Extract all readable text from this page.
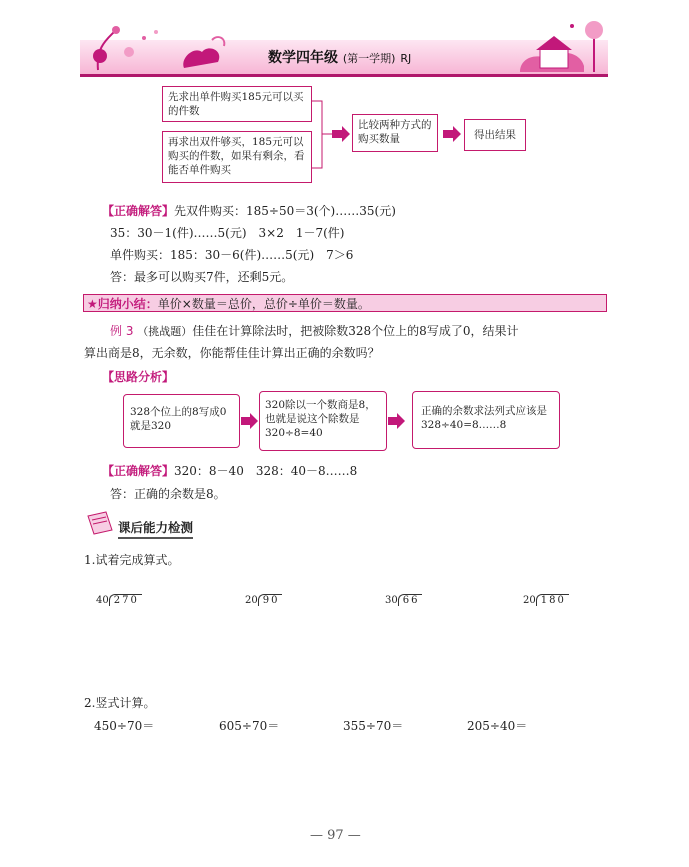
数学四年级 (第一学期) RJ
先求出单件购买185元可以买的件数
再求出双件够买，185元可以购买的件数，如果有剩余，看能否单件购买
比较两种方式的购买数量	得出结果
【正确解答】先双件购买：185÷50＝3(个)……35(元)
35：30－1(件)……5(元)　3×2　1－7(件)
单件购买：185：30－6(件)……5(元)　7＞6
答：最多可以购买7件，还剩5元。
★归纳小结：单价×数量＝总价，总价÷单价＝数量。
例 3 （挑战题）佳佳在计算除法时，把被除数328个位上的8写成了0，结果计
算出商是8，无余数，你能帮佳佳计算出正确的余数吗？
【思路分析】
328个位上的8写成0就是320
320除以一个数商是8，也就是说这个除数是320÷8=40
正确的余数求法列式应该是328÷40=8……8
【正确解答】320：8－40　328：40－8……8
答：正确的余数是8。
课后能力检测
1.试着完成算式。
40 270	20 90	30 66	20 180
2.竖式计算。
450÷70＝	605÷70＝	355÷70＝	205÷40＝
— 97 —
